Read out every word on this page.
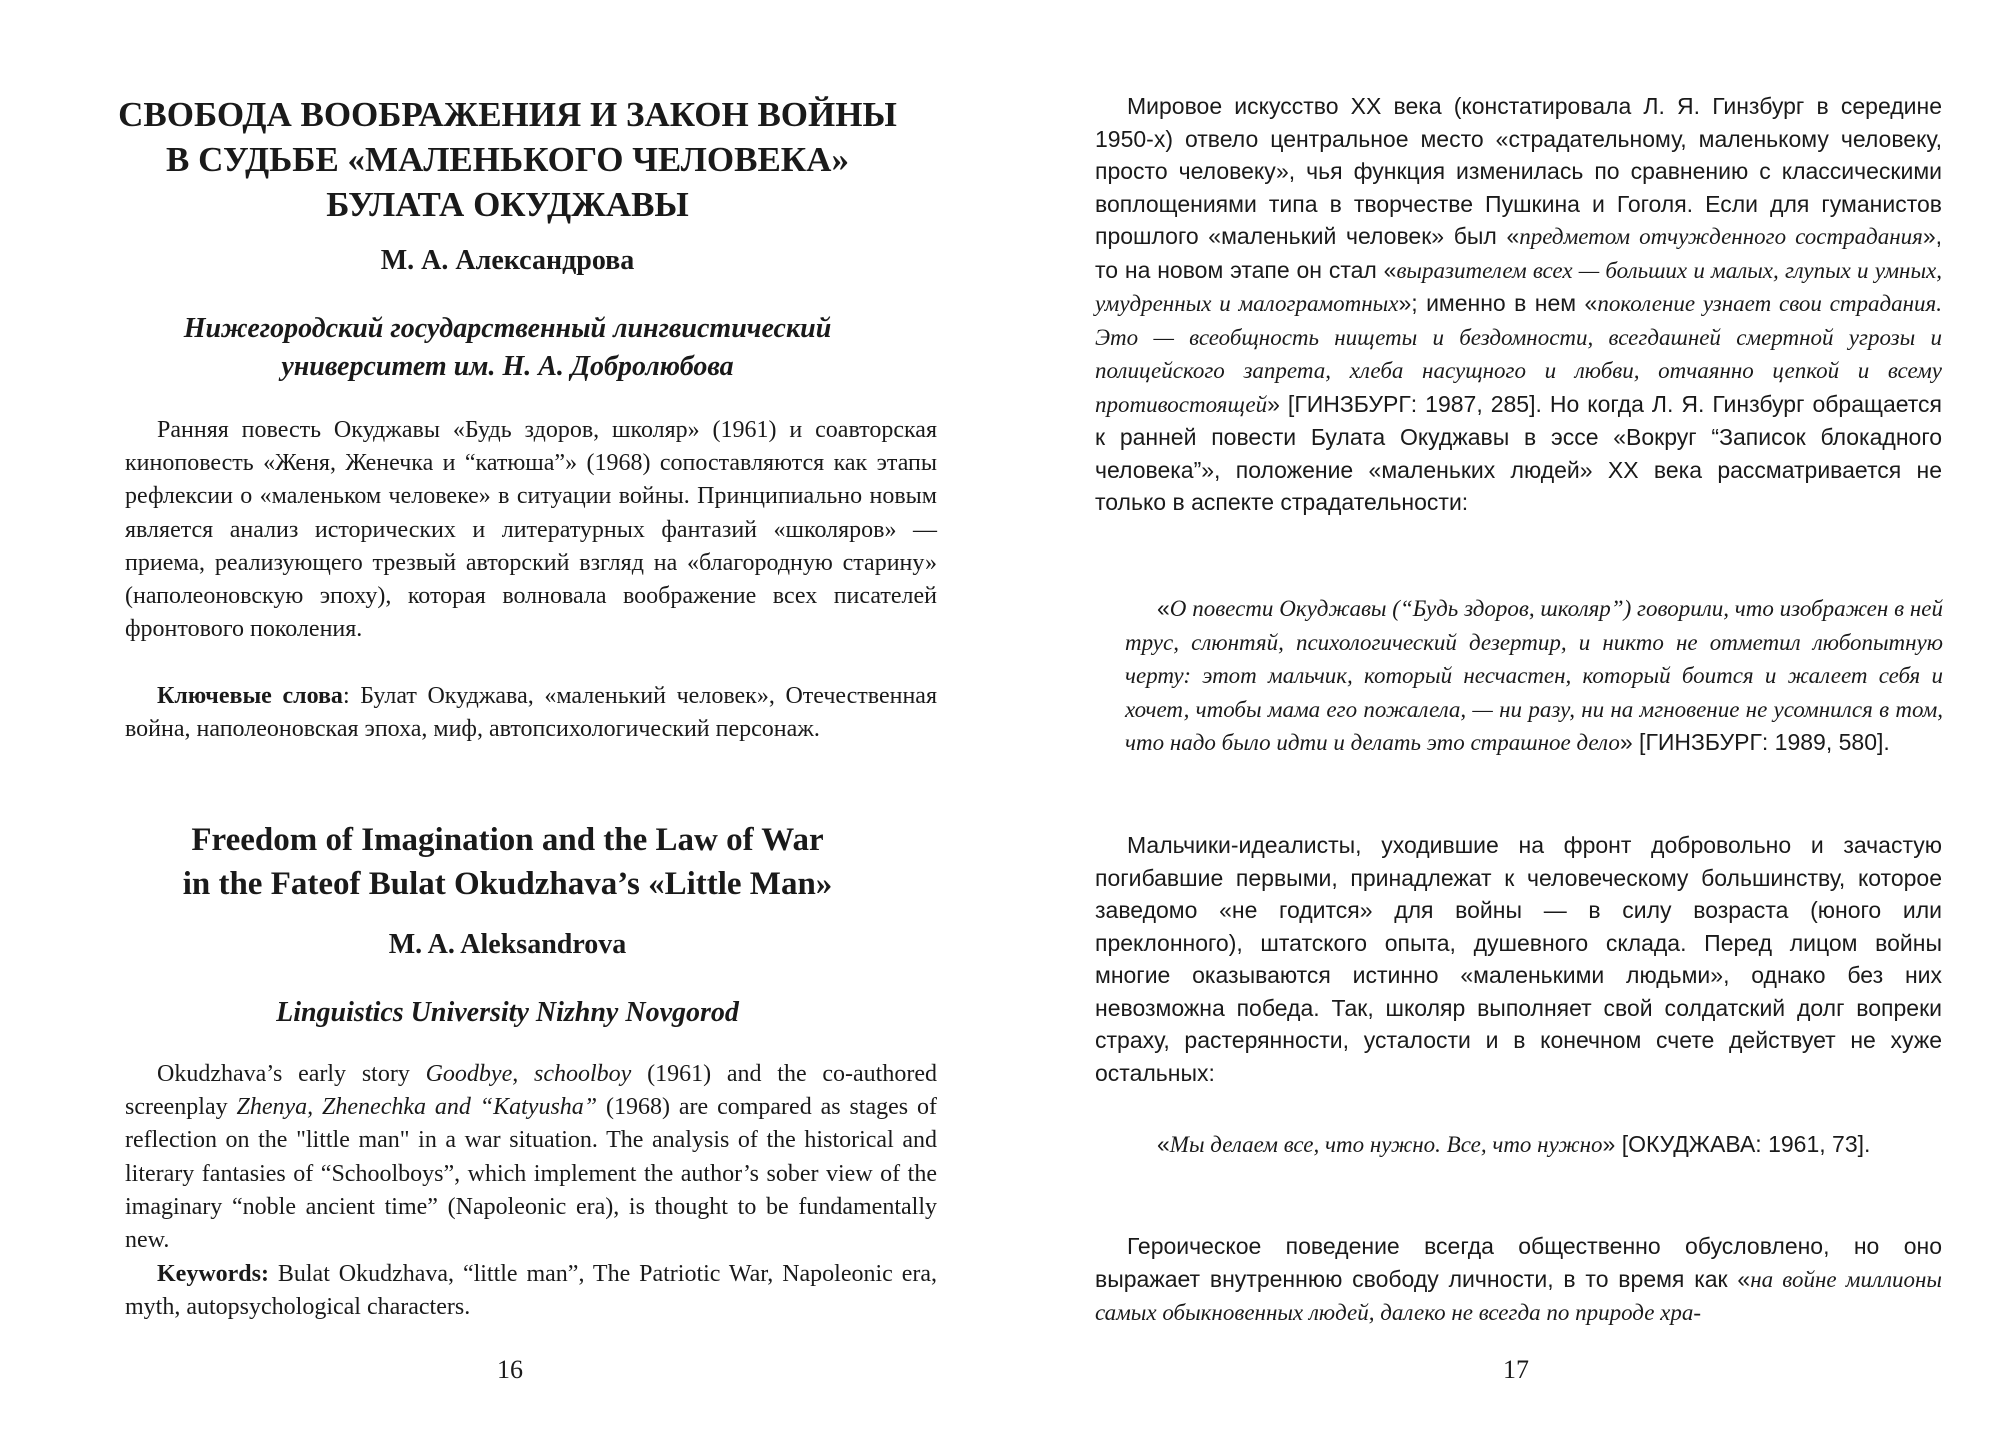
СВОБОДА ВООБРАЖЕНИЯ И ЗАКОН ВОЙНЫ
В СУДЬБЕ «МАЛЕНЬКОГО ЧЕЛОВЕКА»
БУЛАТА ОКУДЖАВЫ

М. А. Александрова

Нижегородский государственный лингвистический
университет им. Н. А. Добролюбова

Ранняя повесть Окуджавы «Будь здоров, школяр» (1961) и соавторская киноповесть «Женя, Женечка и “катюша”» (1968) сопоставляются как этапы рефлексии о «маленьком человеке» в ситуации войны. Принципиально новым является анализ исторических и литературных фантазий «школяров» — приема, реализующего трезвый авторский взгляд на «благородную старину» (наполеоновскую эпоху), которая волновала воображение всех писателей фронтового поколения.

Ключевые слова: Булат Окуджава, «маленький человек», Отечественная война, наполеоновская эпоха, миф, автопсихологический персонаж.

Freedom of Imagination and the Law of War
in the Fateof Bulat Okudzhava’s «Little Man»

M. A. Aleksandrova

Linguistics University Nizhny Novgorod

Okudzhava’s early story Goodbye, schoolboy (1961) and the co-authored screenplay Zhenya, Zhenechka and “Katyusha” (1968) are compared as stages of reflection on the "little man" in a war situation. The analysis of the historical and literary fantasies of “Schoolboys”, which implement the author’s sober view of the imaginary “noble ancient time” (Napoleonic era), is thought to be fundamentally new.

Keywords: Bulat Okudzhava, “little man”, The Patriotic War, Napoleonic era, myth, autopsychological characters.

16

Мировое искусство XX века (констатировала Л. Я. Гинзбург в середине 1950-х) отвело центральное место «страдательному, маленькому человеку, просто человеку», чья функция изменилась по сравнению с классическими воплощениями типа в творчестве Пушкина и Гоголя. Если для гуманистов прошлого «маленький человек» был «предметом отчужденного сострадания», то на новом этапе он стал «выразителем всех — больших и малых, глупых и умных, умудренных и малограмотных»; именно в нем «поколение узнает свои страдания. Это — всеобщность нищеты и бездомности, всегдашней смертной угрозы и полицейского запрета, хлеба насущного и любви, отчаянно цепкой и всему противостоящей» [ГИНЗБУРГ: 1987, 285]. Но когда Л. Я. Гинзбург обращается к ранней повести Булата Окуджавы в эссе «Вокруг “Записок блокадного человека”», положение «маленьких людей» XX века рассматривается не только в аспекте страдательности:

«О повести Окуджавы (“Будь здоров, школяр”) говорили, что изображен в ней трус, слюнтяй, психологический дезертир, и никто не отметил любопытную черту: этот мальчик, который несчастен, который боится и жалеет себя и хочет, чтобы мама его пожалела, — ни разу, ни на мгновение не усомнился в том, что надо было идти и делать это страшное дело» [ГИНЗБУРГ: 1989, 580].

Мальчики-идеалисты, уходившие на фронт добровольно и зачастую погибавшие первыми, принадлежат к человеческому большинству, которое заведомо «не годится» для войны — в силу возраста (юного или преклонного), штатского опыта, душевного склада. Перед лицом войны многие оказываются истинно «маленькими людьми», однако без них невозможна победа. Так, школяр выполняет свой солдатский долг вопреки страху, растерянности, усталости и в конечном счете действует не хуже остальных:

«Мы делаем все, что нужно. Все, что нужно» [ОКУДЖАВА: 1961, 73].

Героическое поведение всегда общественно обусловлено, но оно выражает внутреннюю свободу личности, в то время как «на войне миллионы самых обыкновенных людей, далеко не всегда по природе хра-

17
